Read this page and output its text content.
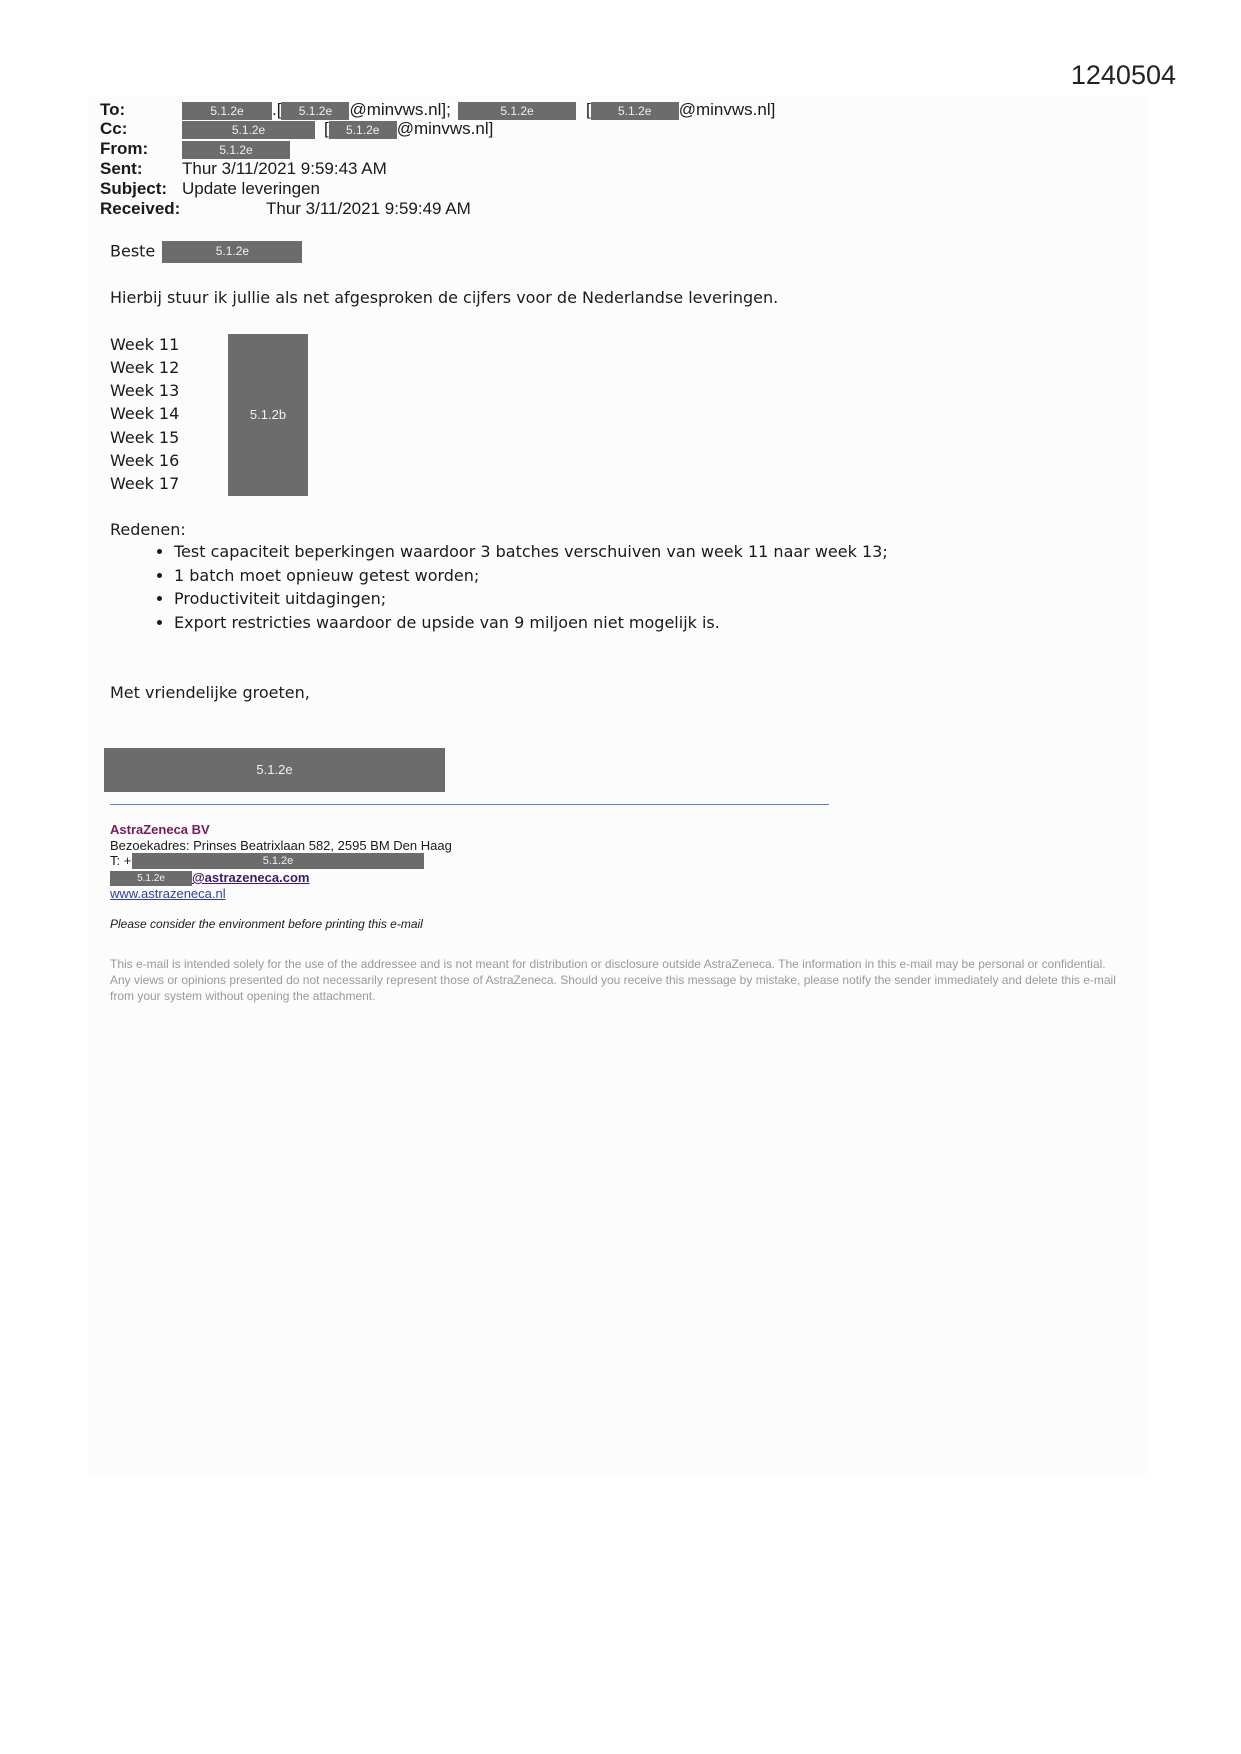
1240504
To:	5.1.2e .[ 5.1.2e @minvws.nl];	5.1.2e	[ 5.1.2e @minvws.nl]
Cc:	5.1.2e	[ 5.1.2e @minvws.nl]
From:	5.1.2e
Sent: Thur 3/11/2021 9:59:43 AM
Subject: Update leveringen
Received:	Thur 3/11/2021 9:59:49 AM
Beste	5.1.2e
Hierbij stuur ik jullie als net afgesproken de cijfers voor de Nederlandse leveringen.
Week 11
Week 12
Week 13
Week 14
Week 15
Week 16
Week 17
5.1.2b
Redenen:
• Test capaciteit beperkingen waardoor 3 batches verschuiven van week 11 naar week 13;
• 1 batch moet opnieuw getest worden;
• Productiviteit uitdagingen;
• Export restricties waardoor de upside van 9 miljoen niet mogelijk is.
Met vriendelijke groeten,
5.1.2e
AstraZeneca BV
Bezoekadres: Prinses Beatrixlaan 582, 2595 BM Den Haag
T: +	5.1.2e
5.1.2e @astrazeneca.com
www.astrazeneca.nl
Please consider the environment before printing this e-mail
This e-mail is intended solely for the use of the addressee and is not meant for distribution or disclosure outside AstraZeneca. The information in this e-mail may be personal or confidential. Any views or opinions presented do not necessarily represent those of AstraZeneca. Should you receive this message by mistake, please notify the sender immediately and delete this e-mail from your system without opening the attachment.
